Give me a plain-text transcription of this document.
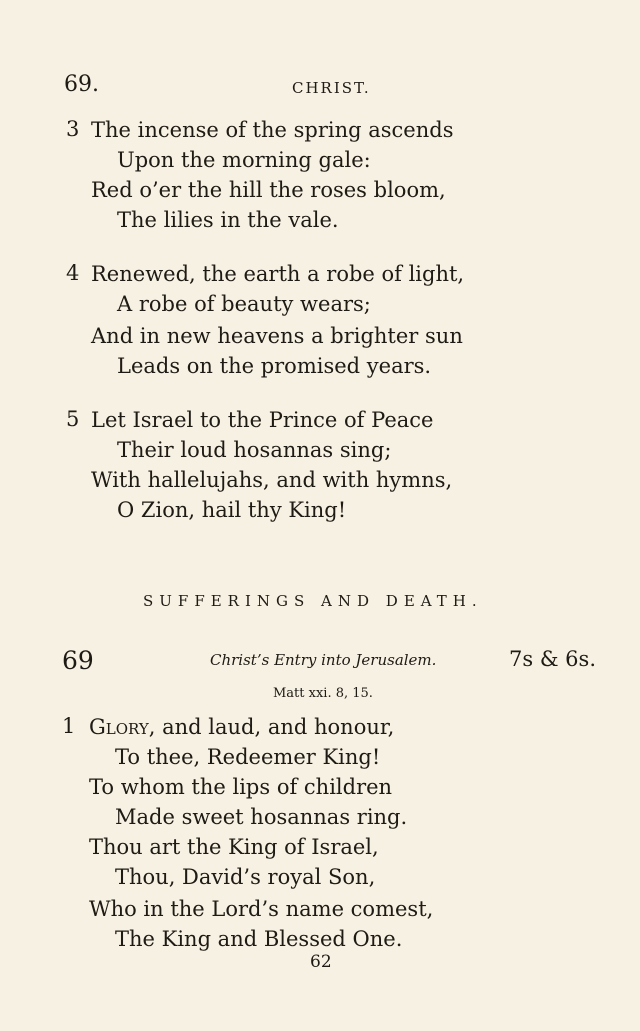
69.	CHRIST.
3 The incense of the spring ascends
Upon the morning gale:
Red o’er the hill the roses bloom,
The lilies in the vale.
4 Renewed, the earth a robe of light,
A robe of beauty wears;
And in new heavens a brighter sun
Leads on the promised years.
5 Let Israel to the Prince of Peace
Their loud hosannas sing;
With hallelujahs, and with hymns,
O Zion, hail thy King!
SUFFERINGS AND DEATH.
69	Christ’s Entry into Jerusalem.	7s & 6s.
Matt xxi. 8, 15.
1 Glory, and laud, and honour,
To thee, Redeemer King!
To whom the lips of children
Made sweet hosannas ring.
Thou art the King of Israel,
Thou, David’s royal Son,
Who in the Lord’s name comest,
The King and Blessed One.
62
